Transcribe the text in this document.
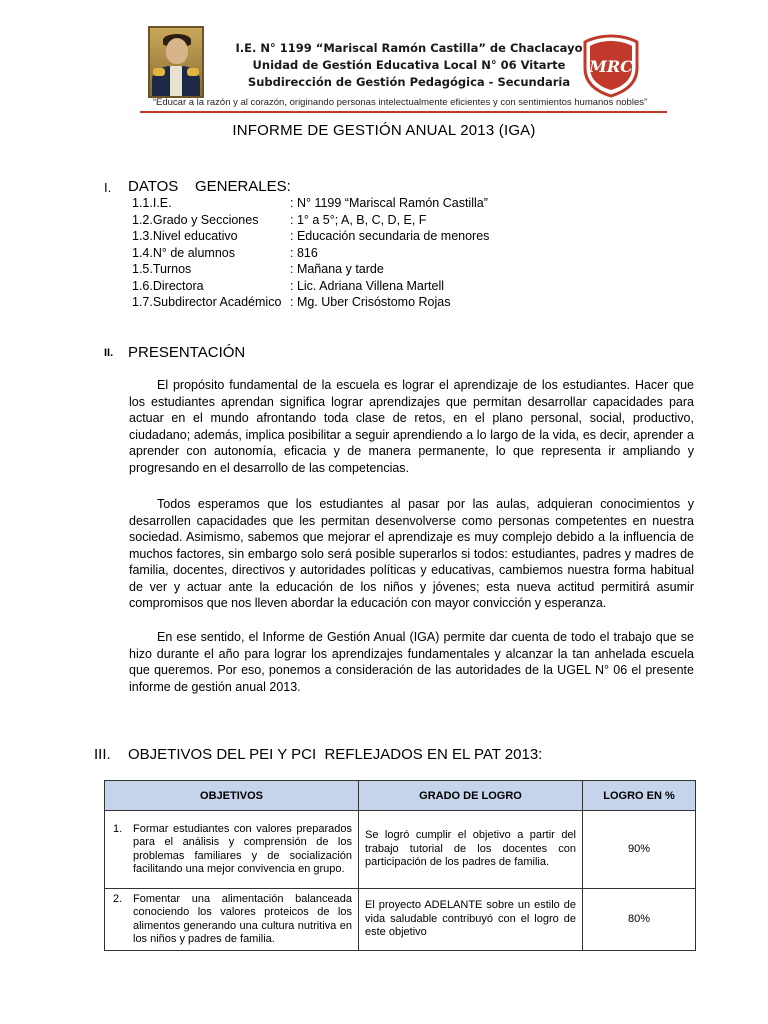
I.E. N° 1199 “Mariscal Ramón Castilla” de Chaclacayo
Unidad de Gestión Educativa Local N° 06 Vitarte
Subdirección de Gestión Pedagógica - Secundaria
MRC
“Educar a la razón y al corazón, originando personas intelectualmente eficientes y con sentimientos humanos nobles”
INFORME DE GESTIÓN ANUAL 2013 (IGA)
I. DATOS    GENERALES:
1.1.I.E.	: N° 1199 “Mariscal Ramón Castilla”
1.2.Grado y Secciones	: 1° a 5°; A, B, C, D, E, F
1.3.Nivel educativo	: Educación secundaria de menores
1.4.N° de alumnos	: 816
1.5.Turnos	: Mañana y tarde
1.6.Directora	: Lic. Adriana Villena Martell
1.7.Subdirector Académico : Mg. Uber Crisóstomo Rojas
II. PRESENTACIÓN

El propósito fundamental de la escuela es lograr el aprendizaje de los estudiantes. Hacer que los estudiantes aprendan significa lograr aprendizajes que permitan desarrollar capacidades para actuar en el mundo afrontando toda clase de retos, en el plano personal, social, productivo, ciudadano; además, implica posibilitar a seguir aprendiendo a lo largo de la vida, es decir, aprender a aprender con autonomía, eficacia y de manera permanente, lo que representa ir ampliando y progresando en el desarrollo de las competencias.

Todos esperamos que los estudiantes al pasar por las aulas, adquieran conocimientos y desarrollen capacidades que les permitan desenvolverse como personas competentes en nuestra sociedad. Asimismo, sabemos que mejorar el aprendizaje es muy complejo debido a la influencia de muchos factores, sin embargo solo será posible superarlos si todos: estudiantes, padres y madres de familia, docentes, directivos y autoridades políticas y educativas, cambiemos nuestra forma habitual de ver y actuar ante la educación de los niños y jóvenes; esta nueva actitud permitirá asumir compromisos que nos lleven abordar la educación con mayor convicción y esperanza.

En ese sentido, el Informe de Gestión Anual (IGA) permite dar cuenta de todo el trabajo que se hizo durante el año para lograr los aprendizajes fundamentales y alcanzar la tan anhelada escuela que queremos. Por eso, ponemos a consideración de las autoridades de la UGEL N° 06 el presente informe de gestión anual 2013.

III. OBJETIVOS DEL PEI Y PCI  REFLEJADOS EN EL PAT 2013:
OBJETIVOS	GRADO DE LOGRO	LOGRO EN %

1. Formar estudiantes con valores preparados para el análisis y comprensión de los problemas familiares y de socialización facilitando una mejor convivencia en grupo.	Se logró cumplir el objetivo a partir del trabajo tutorial de los docentes con participación de los padres de familia.	90%

2. Fomentar una alimentación balanceada conociendo los valores proteicos de los alimentos generando una cultura nutritiva en los niños y padres de familia.	El proyecto ADELANTE sobre un estilo de vida saludable contribuyó con el logro de este objetivo	80%
